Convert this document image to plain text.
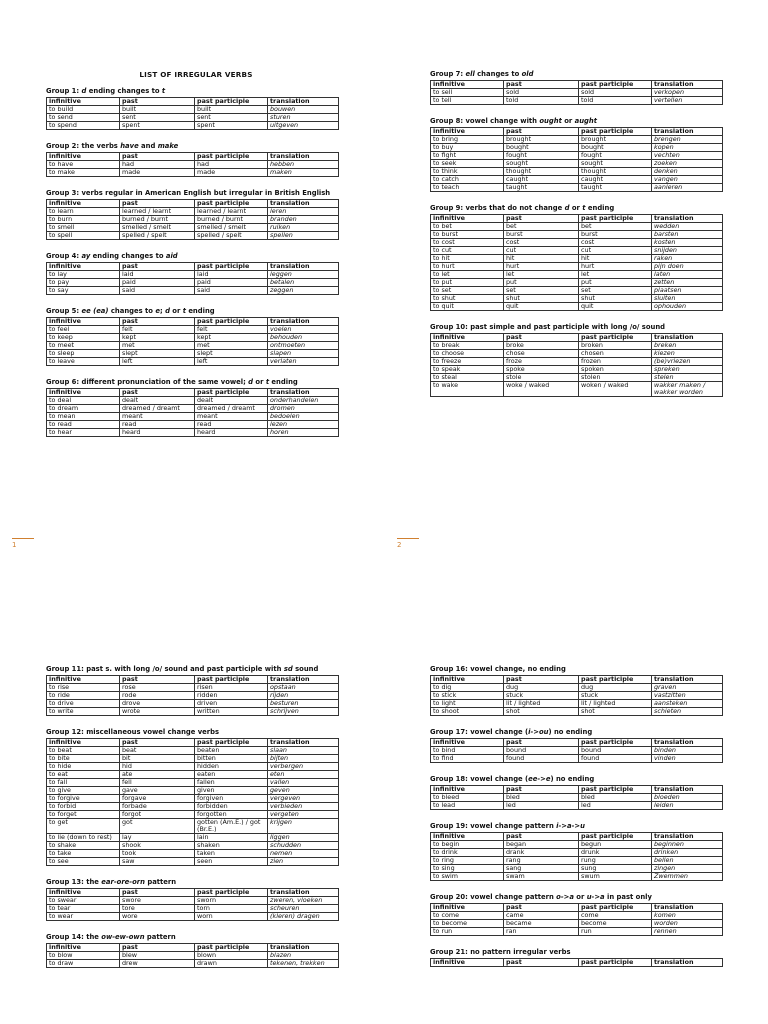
LIST OF IRREGULAR VERBS
Group 1: d ending changes to t
infinitive	past	past participle	translation
to build	built	built	bouwen
to send	sent	sent	sturen
to spend	spent	spent	uitgeven
Group 2: the verbs have and make
infinitive	past	past participle	translation
to have	had	had	hebben
to make	made	made	maken
Group 3: verbs regular in American English but irregular in British English
infinitive	past	past participle	translation
to learn	learned / learnt	learned / learnt	leren
to burn	burned / burnt	burned / burnt	branden
to smell	smelled / smelt	smelled / smelt	ruiken
to spell	spelled / spelt	spelled / spelt	spellen
Group 4: ay ending changes to aid
infinitive	past	past participle	translation
to lay	laid	laid	leggen
to pay	paid	paid	betalen
to say	said	said	zeggen
Group 5: ee (ea) changes to e; d or t ending
infinitive	past	past participle	translation
to feel	felt	felt	voelen
to keep	kept	kept	behouden
to meet	met	met	ontmoeten
to sleep	slept	slept	slapen
to leave	left	left	verlaten
Group 6: different pronunciation of the same vowel; d or t ending
infinitive	past	past participle	translation
to deal	dealt	dealt	onderhandelen
to dream	dreamed / dreamt	dreamed / dreamt	dromen
to mean	meant	meant	bedoelen
to read	read	read	lezen
to hear	heard	heard	horen
1
Group 7: ell changes to old
infinitive	past	past participle	translation
to sell	sold	sold	verkopen
to tell	told	told	vertellen
Group 8: vowel change with ought or aught
infinitive	past	past participle	translation
to bring	brought	brought	brengen
to buy	bought	bought	kopen
to fight	fought	fought	vechten
to seek	sought	sought	zoeken
to think	thought	thought	denken
to catch	caught	caught	vangen
to teach	taught	taught	aanleren
Group 9: verbs that do not change d or t ending
infinitive	past	past participle	translation
to bet	bet	bet	wedden
to burst	burst	burst	barsten
to cost	cost	cost	kosten
to cut	cut	cut	snijden
to hit	hit	hit	raken
to hurt	hurt	hurt	pijn doen
to let	let	let	laten
to put	put	put	zetten
to set	set	set	plaatsen
to shut	shut	shut	sluiten
to quit	quit	quit	ophouden
Group 10: past simple and past participle with long /o/ sound
infinitive	past	past participle	translation
to break	broke	broken	breken
to choose	chose	chosen	kiezen
to freeze	froze	frozen	(be)vriezen
to speak	spoke	spoken	spreken
to steal	stole	stolen	stelen
to wake	woke / waked	woken / waked	wakker maken / wakker worden
2
Group 11: past s. with long /o/ sound and past participle with sd sound
infinitive	past	past participle	translation
to rise	rose	risen	opstaan
to ride	rode	ridden	rijden
to drive	drove	driven	besturen
to write	wrote	written	schrijven
Group 12: miscellaneous vowel change verbs
infinitive	past	past participle	translation
to beat	beat	beaten	slaan
to bite	bit	bitten	bijten
to hide	hid	hidden	verbergen
to eat	ate	eaten	eten
to fall	fell	fallen	vallen
to give	gave	given	geven
to forgive	forgave	forgiven	vergeven
to forbid	forbade	forbidden	verbieden
to forget	forgot	forgotten	vergeten
to get	got	gotten (Am.E.) / got (Br.E.)	krijgen
to lie (down to rest)	lay	lain	liggen
to shake	shook	shaken	schudden
to take	took	taken	nemen
to see	saw	seen	zien
Group 13: the ear-ore-orn pattern
infinitive	past	past participle	translation
to swear	swore	sworn	zweren, vloeken
to tear	tore	torn	scheuren
to wear	wore	worn	(kleren) dragen
Group 14: the ow-ew-own pattern
infinitive	past	past participle	translation
to blow	blew	blown	blazen
to draw	drew	drawn	tekenen, trekken
Group 16: vowel change, no ending
infinitive	past	past participle	translation
to dig	dug	dug	graven
to stick	stuck	stuck	vastzitten
to light	lit / lighted	lit / lighted	aansteken
to shoot	shot	shot	schieten
Group 17: vowel change (i->ou) no ending
infinitive	past	past participle	translation
to bind	bound	bound	binden
to find	found	found	vinden
Group 18: vowel change (ee->e) no ending
infinitive	past	past participle	translation
to bleed	bled	bled	bloeden
to lead	led	led	leiden
Group 19: vowel change pattern i->a->u
infinitive	past	past participle	translation
to begin	began	begun	beginnen
to drink	drank	drunk	drinken
to ring	rang	rung	bellen
to sing	sang	sung	zingen
to swim	swam	swum	Zwemmen
Group 20: vowel change pattern o->a or u->a in past only
infinitive	past	past participle	translation
to come	came	come	komen
to become	became	become	worden
to run	ran	run	rennen
Group 21: no pattern irregular verbs
infinitive	past	past participle	translation
